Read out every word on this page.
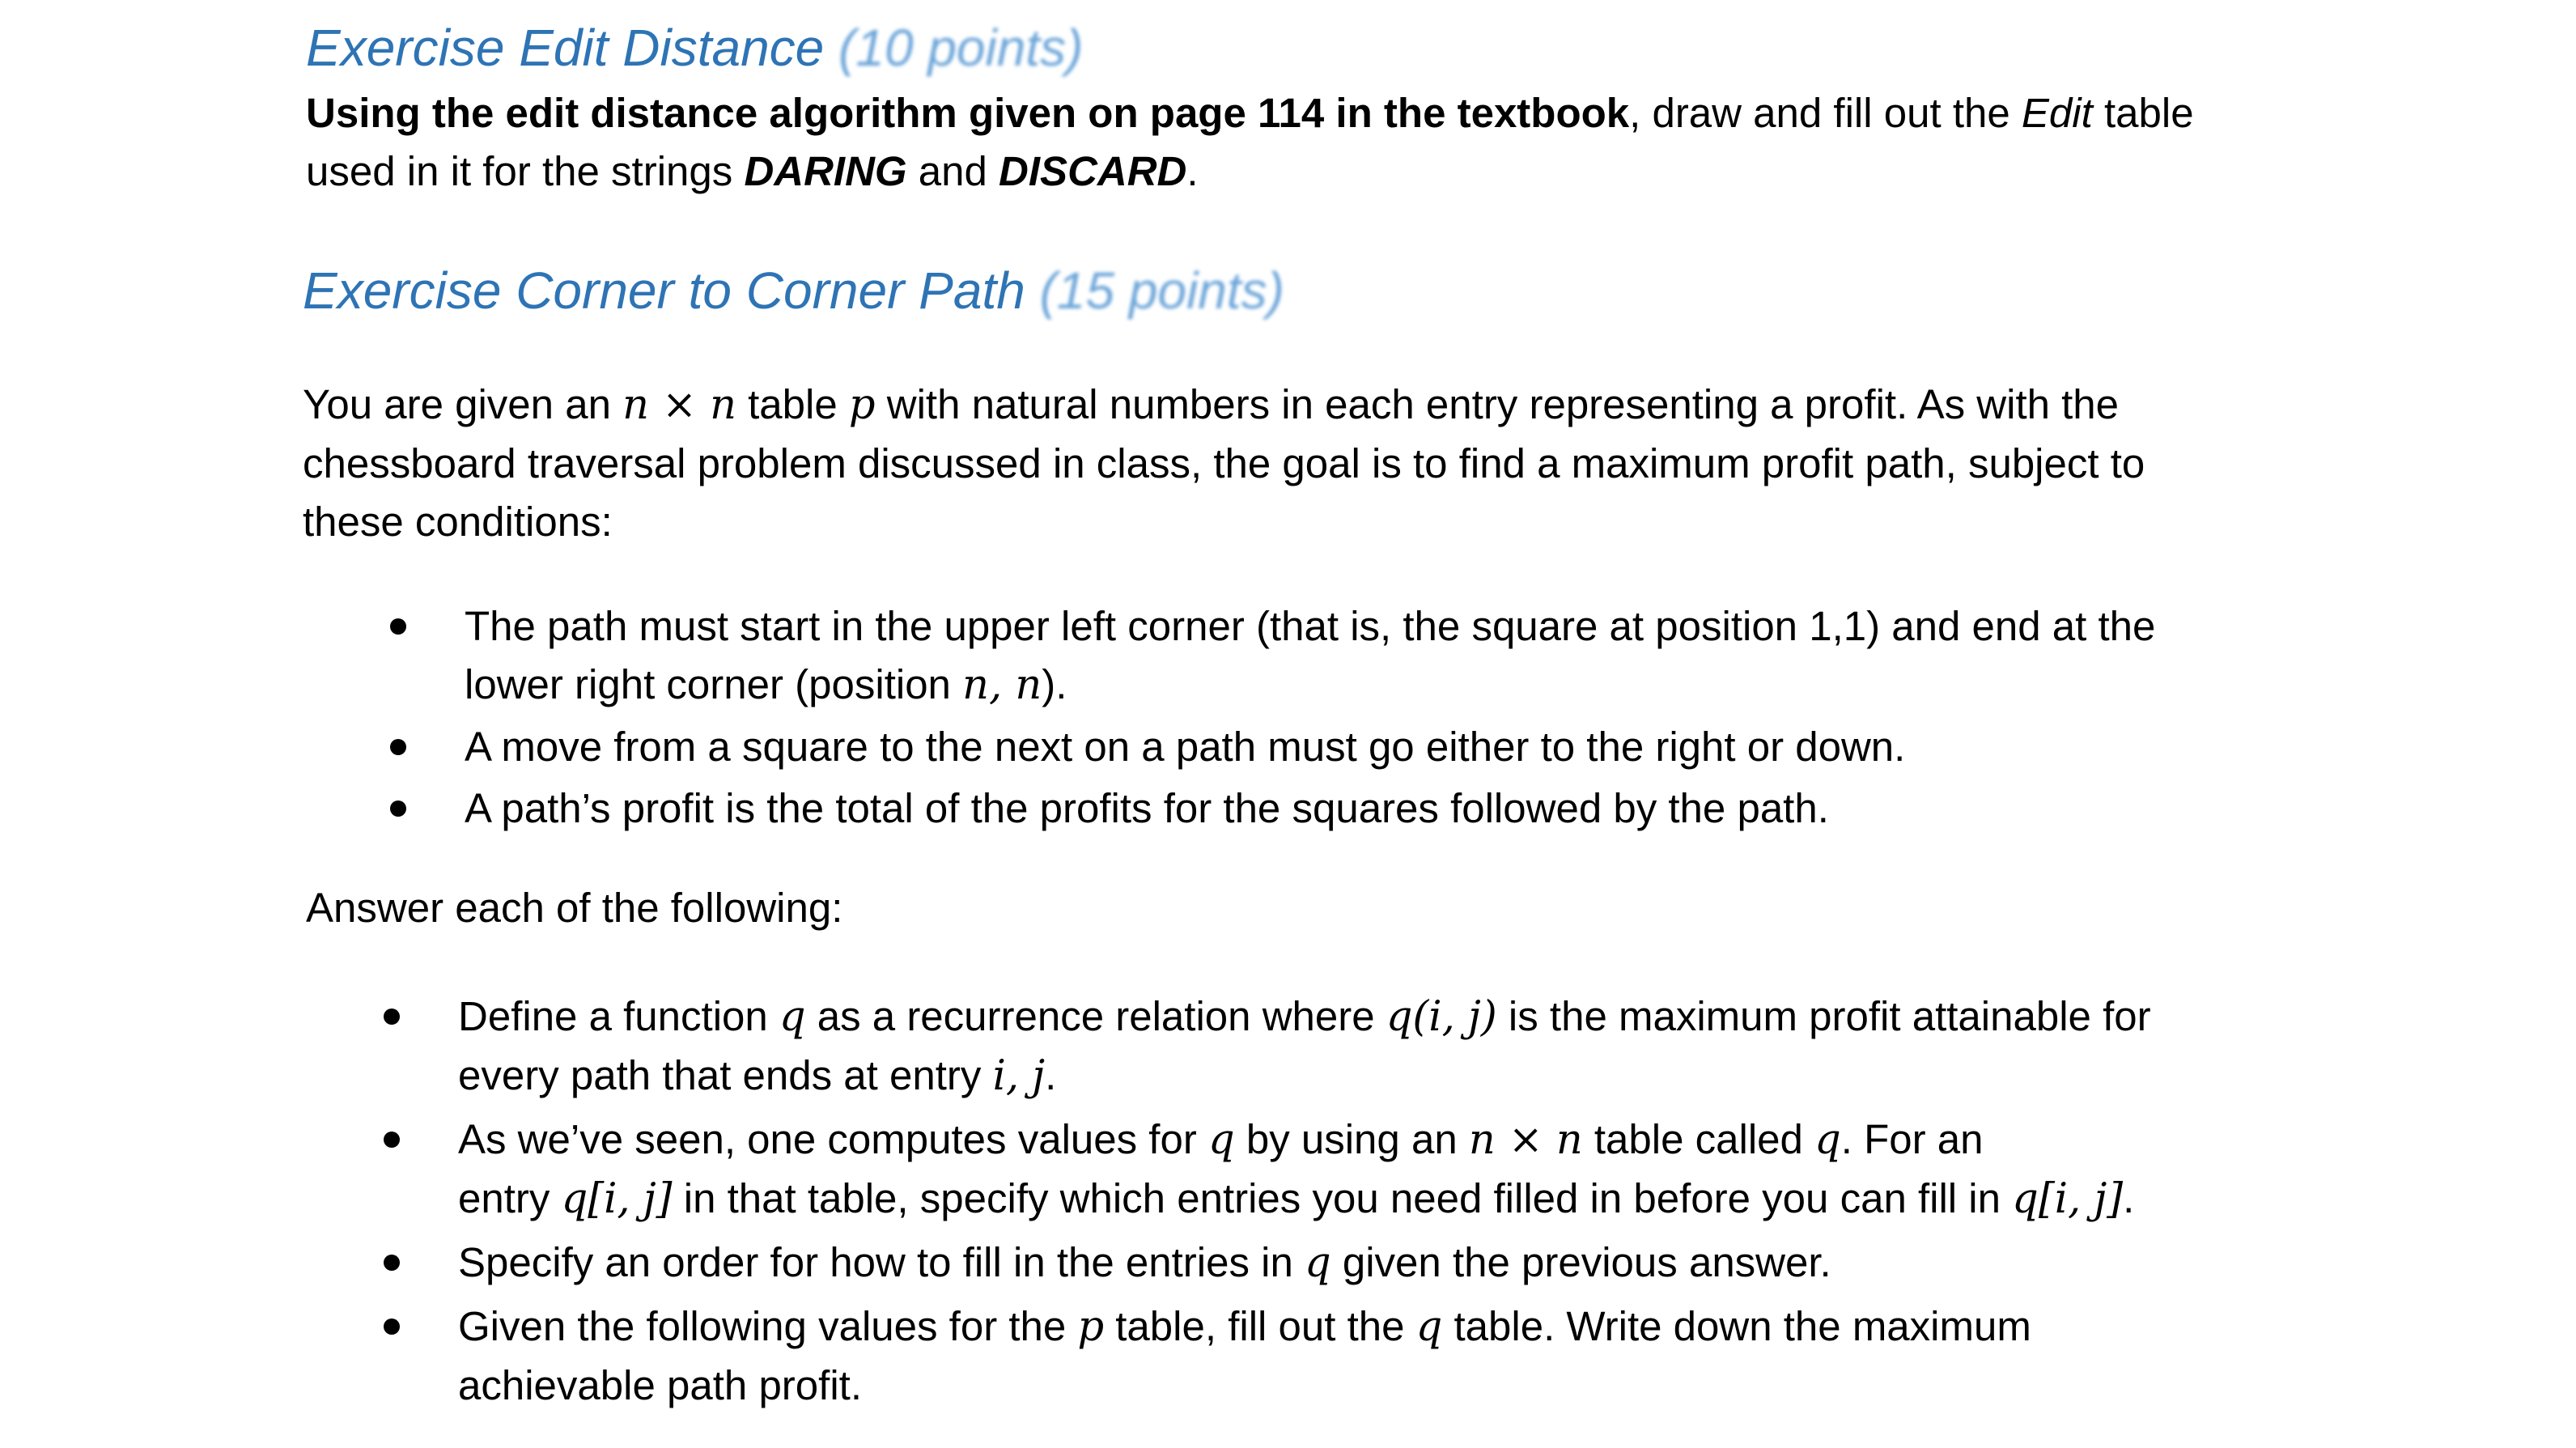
Exercise Edit Distance (10 points)

Using the edit distance algorithm given on page 114 in the textbook, draw and fill out the Edit table
used in it for the strings DARING and DISCARD.

Exercise Corner to Corner Path (15 points)

You are given an n × n table p with natural numbers in each entry representing a profit. As with the
chessboard traversal problem discussed in class, the goal is to find a maximum profit path, subject to
these conditions:

The path must start in the upper left corner (that is, the square at position 1,1) and end at the
lower right corner (position n, n).
A move from a square to the next on a path must go either to the right or down.
A path’s profit is the total of the profits for the squares followed by the path.

Answer each of the following:

Define a function q as a recurrence relation where q(i, j) is the maximum profit attainable for
every path that ends at entry i, j.
As we’ve seen, one computes values for q by using an n × n table called q. For an
entry q[i, j] in that table, specify which entries you need filled in before you can fill in q[i, j].
Specify an order for how to fill in the entries in q given the previous answer.
Given the following values for the p table, fill out the q table. Write down the maximum
achievable path profit.
